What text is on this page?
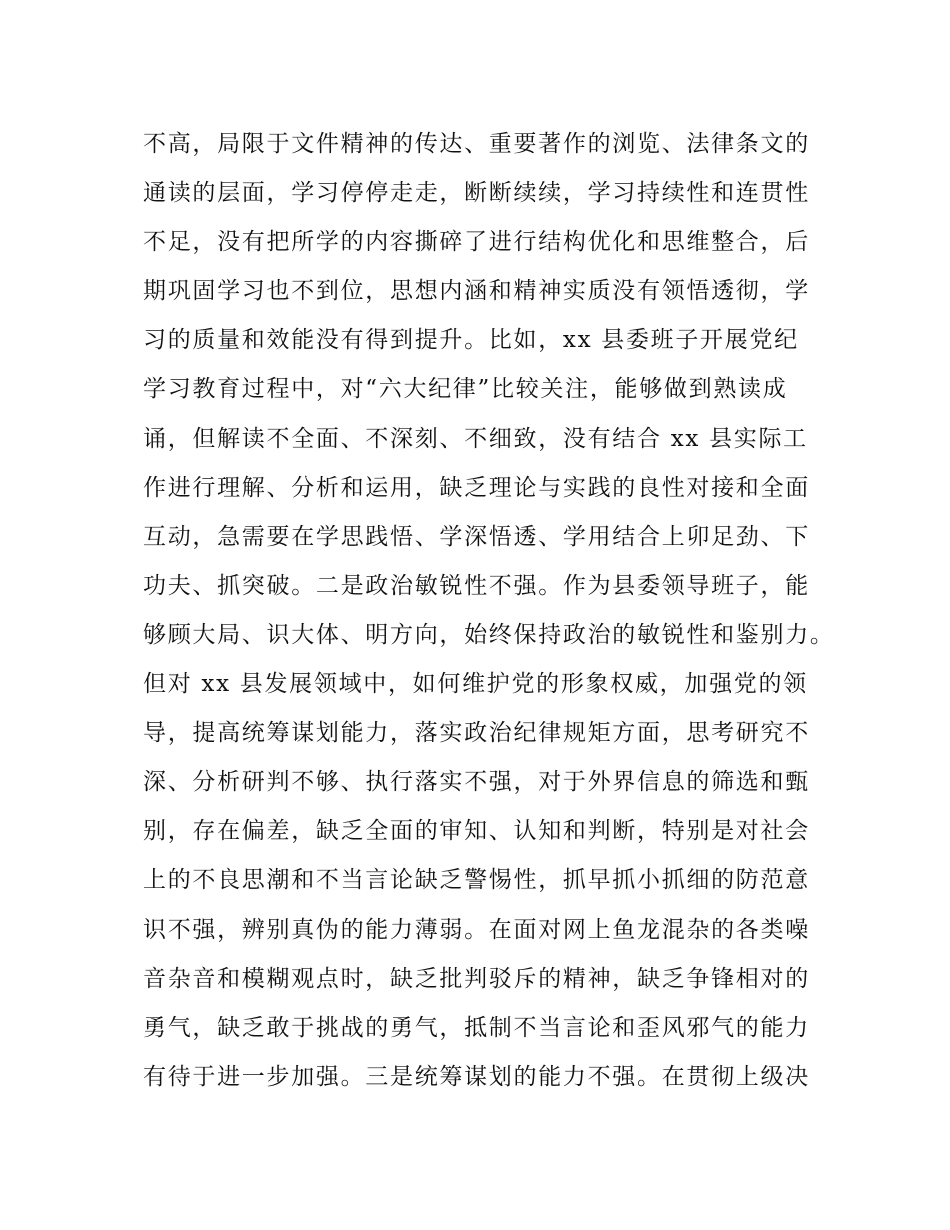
不高，局限于文件精神的传达、重要著作的浏览、法律条文的
通读的层面，学习停停走走，断断续续，学习持续性和连贯性
不足，没有把所学的内容撕碎了进行结构优化和思维整合，后
期巩固学习也不到位，思想内涵和精神实质没有领悟透彻，学
习的质量和效能没有得到提升。比如，xx 县委班子开展党纪
学习教育过程中，对“六大纪律”比较关注，能够做到熟读成
诵，但解读不全面、不深刻、不细致，没有结合 xx 县实际工
作进行理解、分析和运用，缺乏理论与实践的良性对接和全面
互动，急需要在学思践悟、学深悟透、学用结合上卯足劲、下
功夫、抓突破。二是政治敏锐性不强。作为县委领导班子，能
够顾大局、识大体、明方向，始终保持政治的敏锐性和鉴别力。
但对 xx 县发展领域中，如何维护党的形象权威，加强党的领
导，提高统筹谋划能力，落实政治纪律规矩方面，思考研究不
深、分析研判不够、执行落实不强，对于外界信息的筛选和甄
别，存在偏差，缺乏全面的审知、认知和判断，特别是对社会
上的不良思潮和不当言论缺乏警惕性，抓早抓小抓细的防范意
识不强，辨别真伪的能力薄弱。在面对网上鱼龙混杂的各类噪
音杂音和模糊观点时，缺乏批判驳斥的精神，缺乏争锋相对的
勇气，缺乏敢于挑战的勇气，抵制不当言论和歪风邪气的能力
有待于进一步加强。三是统筹谋划的能力不强。在贯彻上级决
